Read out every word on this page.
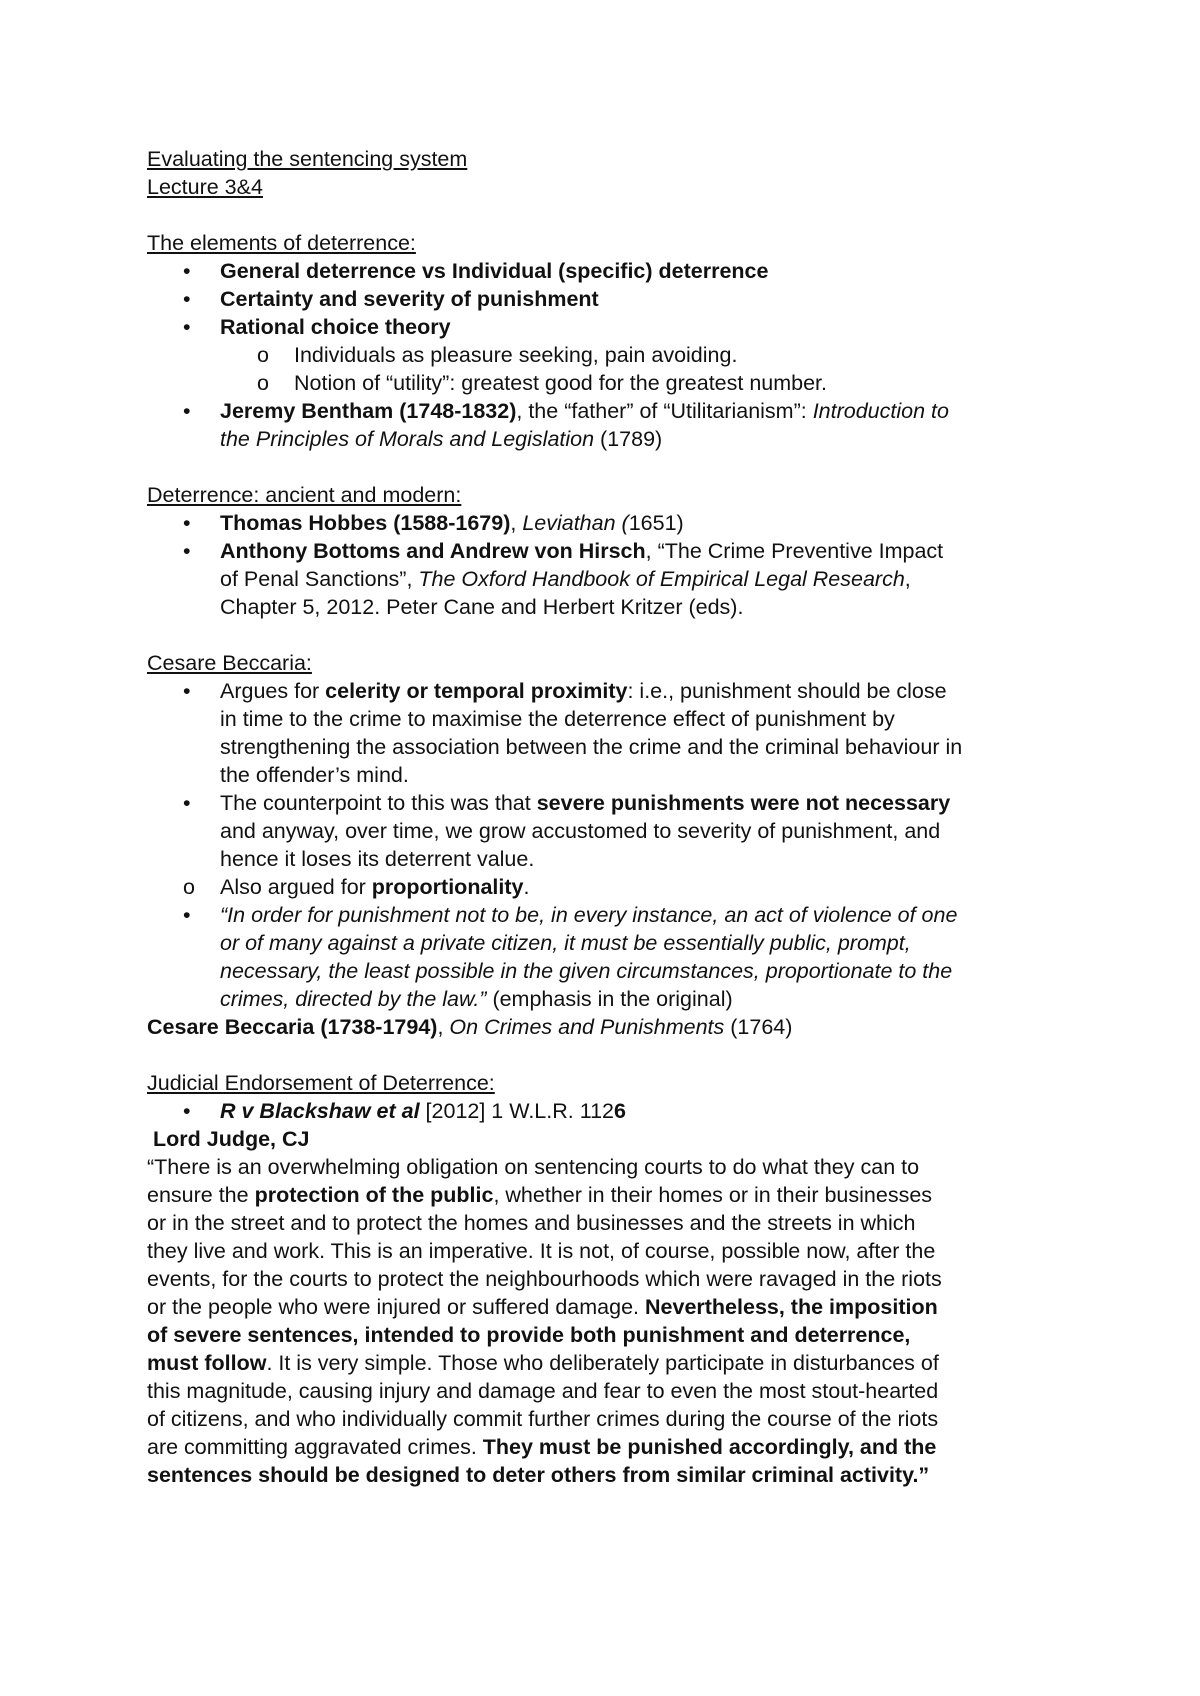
Evaluating the sentencing system
Lecture 3&4
The elements of deterrence:
•	General deterrence vs Individual (specific) deterrence
•	Certainty and severity of punishment
•	Rational choice theory
o Individuals as pleasure seeking, pain avoiding.
o Notion of “utility”: greatest good for the greatest number.
•	Jeremy Bentham (1748-1832), the “father” of “Utilitarianism”: Introduction to
the Principles of Morals and Legislation (1789)
Deterrence: ancient and modern:
•	Thomas Hobbes (1588-1679), Leviathan (1651)
•	Anthony Bottoms and Andrew von Hirsch, “The Crime Preventive Impact
of Penal Sanctions”, The Oxford Handbook of Empirical Legal Research,
Chapter 5, 2012. Peter Cane and Herbert Kritzer (eds).
Cesare Beccaria:
•	Argues for celerity or temporal proximity: i.e., punishment should be close
in time to the crime to maximise the deterrence effect of punishment by
strengthening the association between the crime and the criminal behaviour in
the offender’s mind.
•	The counterpoint to this was that severe punishments were not necessary
and anyway, over time, we grow accustomed to severity of punishment, and
hence it loses its deterrent value.
o Also argued for proportionality.
•	“In order for punishment not to be, in every instance, an act of violence of one
or of many against a private citizen, it must be essentially public, prompt,
necessary, the least possible in the given circumstances, proportionate to the
crimes, directed by the law.” (emphasis in the original)
Cesare Beccaria (1738-1794), On Crimes and Punishments (1764)
Judicial Endorsement of Deterrence:
•	R v Blackshaw et al [2012] 1 W.L.R. 1126
Lord Judge, CJ
“There is an overwhelming obligation on sentencing courts to do what they can to
ensure the protection of the public, whether in their homes or in their businesses
or in the street and to protect the homes and businesses and the streets in which
they live and work. This is an imperative. It is not, of course, possible now, after the
events, for the courts to protect the neighbourhoods which were ravaged in the riots
or the people who were injured or suffered damage. Nevertheless, the imposition
of severe sentences, intended to provide both punishment and deterrence,
must follow. It is very simple. Those who deliberately participate in disturbances of
this magnitude, causing injury and damage and fear to even the most stout-hearted
of citizens, and who individually commit further crimes during the course of the riots
are committing aggravated crimes. They must be punished accordingly, and the
sentences should be designed to deter others from similar criminal activity.”
